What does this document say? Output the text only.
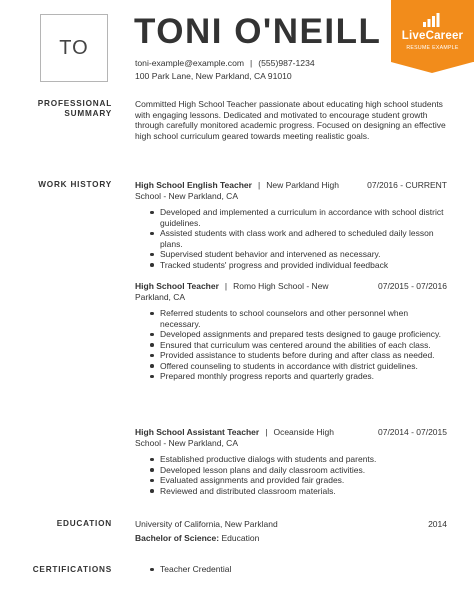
TO TONI O'NEILL
toni-example@example.com | (555)987-1234
100 Park Lane, New Parkland, CA 91010
LiveCareer
RESUME EXAMPLE
PROFESSIONAL SUMMARY
Committed High School Teacher passionate about educating high school students with engaging lessons. Dedicated and motivated to encourage student growth through carefully monitored academic progress. Focused on designing an effective high school curriculum geared towards meeting realistic goals.
WORK HISTORY	High School English Teacher | New Parkland High School - New Parkland, CA
07/2016 - CURRENT
Developed and implemented a curriculum in accordance with school district guidelines.
Assisted students with class work and adhered to scheduled daily lesson plans.
Supervised student behavior and intervened as necessary.
Tracked students' progress and provided individual feedback
High School Teacher | Romo High School - New Parkland, CA
07/2015 - 07/2016
Referred students to school counselors and other personnel when necessary.
Developed assignments and prepared tests designed to gauge proficiency.
Ensured that curriculum was centered around the abilities of each class.
Provided assistance to students before during and after class as needed.
Offered counseling to students in accordance with district guidelines.
Prepared monthly progress reports and quarterly grades.
High School Assistant Teacher | Oceanside High School - New Parkland, CA
07/2014 - 07/2015
Established productive dialogs with students and parents.
Developed lesson plans and daily classroom activities.
Evaluated assignments and provided fair grades.
Reviewed and distributed classroom materials.
EDUCATION	University of California, New Parkland	2014
Bachelor of Science: Education
CERTIFICATIONS	Teacher Credential
